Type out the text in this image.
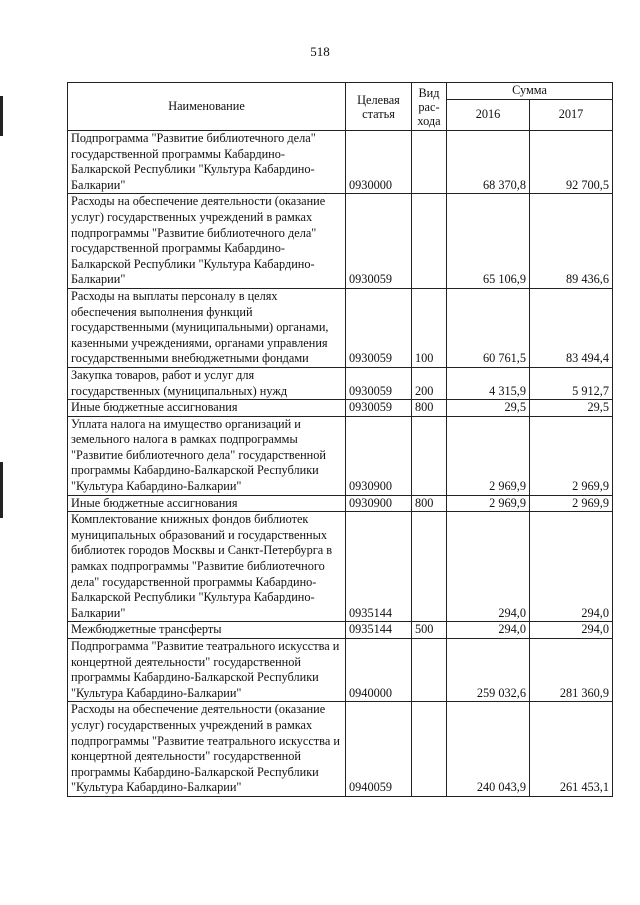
518
Наименование	Целевая статья	Вид рас-хода	Сумма	
			2016	2017
Подпрограмма "Развитие библиотечного дела" государственной программы Кабардино-Балкарской Республики "Культура Кабардино-Балкарии"	0930000		68 370,8	92 700,5
Расходы на обеспечение деятельности (оказание услуг) государственных учреждений в рамках подпрограммы "Развитие библиотечного дела" государственной программы Кабардино-Балкарской Республики "Культура Кабардино-Балкарии"	0930059		65 106,9	89 436,6
Расходы на выплаты персоналу в целях обеспечения выполнения функций государственными (муниципальными) органами, казенными учреждениями, органами управления государственными внебюджетными фондами	0930059	100	60 761,5	83 494,4
Закупка товаров, работ и услуг для государственных (муниципальных) нужд	0930059	200	4 315,9	5 912,7
Иные бюджетные ассигнования	0930059	800	29,5	29,5
Уплата налога на имущество организаций и земельного налога в рамках подпрограммы "Развитие библиотечного дела" государственной программы Кабардино-Балкарской Республики "Культура Кабардино-Балкарии"	0930900		2 969,9	2 969,9
Иные бюджетные ассигнования	0930900	800	2 969,9	2 969,9
Комплектование книжных фондов библиотек муниципальных образований и государственных библиотек городов Москвы и Санкт-Петербурга в рамках подпрограммы "Развитие библиотечного дела" государственной программы Кабардино-Балкарской Республики "Культура Кабардино-Балкарии"	0935144		294,0	294,0
Межбюджетные трансферты	0935144	500	294,0	294,0
Подпрограмма "Развитие театрального искусства и концертной деятельности" государственной программы Кабардино-Балкарской Республики "Культура Кабардино-Балкарии"	0940000		259 032,6	281 360,9
Расходы на обеспечение деятельности (оказание услуг) государственных учреждений в рамках подпрограммы "Развитие театрального искусства и концертной деятельности" государственной программы Кабардино-Балкарской Республики "Культура Кабардино-Балкарии"	0940059		240 043,9	261 453,1
